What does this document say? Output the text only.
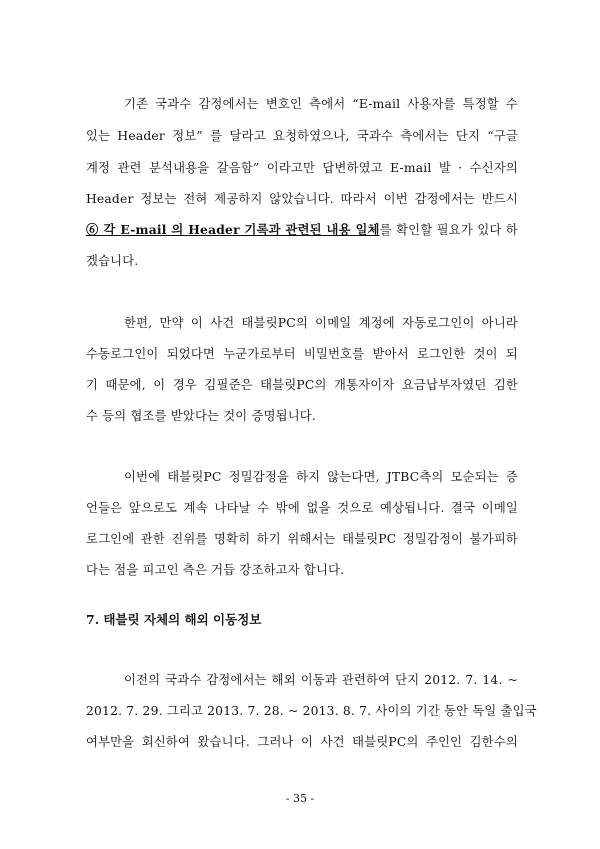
기존 국과수 감정에서는 변호인 측에서 “E-mail 사용자를 특정할 수
있는 Header 정보” 를 달라고 요청하였으나, 국과수 측에서는 단지 “구글
계정 관련 분석내용을 갈음함” 이라고만 답변하였고 E-mail 발 · 수신자의
Header 정보는 전혀 제공하지 않았습니다. 따라서 이번 감정에서는 반드시
⑥ 각 E-mail 의 Header 기록과 관련된 내용 일체를 확인할 필요가 있다 하
겠습니다.
한편, 만약 이 사건 태블릿PC의 이메일 계정에 자동로그인이 아니라
수동로그인이 되었다면 누군가로부터 비밀번호를 받아서 로그인한 것이 되
기 때문에, 이 경우 김필준은 태블릿PC의 개통자이자 요금납부자였던 김한
수 등의 협조를 받았다는 것이 증명됩니다.
이번에 태블릿PC 정밀감정을 하지 않는다면, JTBC측의 모순되는 증
언들은 앞으로도 계속 나타날 수 밖에 없을 것으로 예상됩니다. 결국 이메일
로그인에 관한 진위를 명확히 하기 위해서는 태블릿PC 정밀감정이 불가피하
다는 점을 피고인 측은 거듭 강조하고자 합니다.
7. 태블릿 자체의 해외 이동정보
이전의 국과수 감정에서는 해외 이동과 관련하여 단지 2012. 7. 14. ~
2012. 7. 29. 그리고 2013. 7. 28. ~ 2013. 8. 7. 사이의 기간 동안 독일 출입국
여부만을 회신하여 왔습니다. 그러나 이 사건 태블릿PC의 주인인 김한수의
- 35 -
